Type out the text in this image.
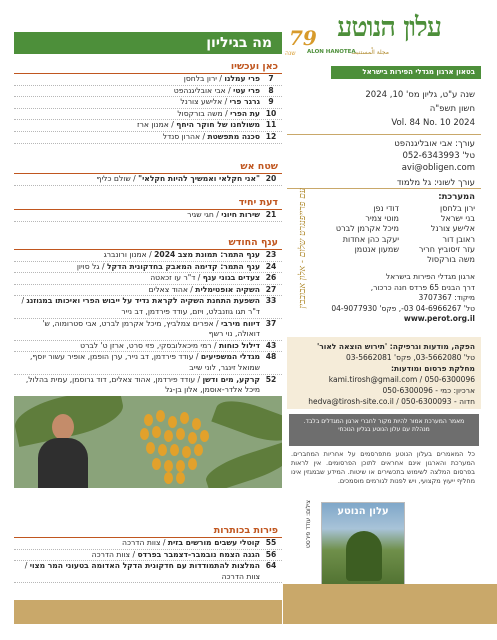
עלון הנוטע
مجلة الْمستنبت
ALON HANOTEA
79
שנה
בטאון ארגון מגדלי הפירות בישראל
שנה ע"ט, גליון מס' 10, 2024
חשון תשפ"ה
Vol. 84 No. 10 2024
עורך: אבי אובליגנהפט
טל' 052-6343993
avi@obligen.com
עורך לשוני: גל מלמוד
המערכת:
ירון בלחסן
דודי נפן
בני ישראל
מוטי צמיר
אלישע צורנל
מיכל אקרמן לברט
ראובן דור
יעקב כהן אחדות
עזר זיסוביץ חריר
שמעון אנטמן
משה בורקסול
עם פרייפנגרט שלום - אלון אבובבין	ארגון מגדלי הפירות בישראל
דרך הבנים 65 פרדס חנה כרכור,
מיקוד: 3707367
טל' 04-6966267 03-, פקס' 04-9077930
www.perot.org.il
הפקה, מודעות וגרפיקה: 'תירוש הוצאה לאור'
טל' 03-5662080, פקס' 03-5662081
מחלקת פרסום ומודעות:
kami.tirosh@gmail.com / 050-6300096
ארכיון: כמי - 050-6300096
hedva@tirosh-site.co.il / 050-6300093 - חדוה
מאמר המערכת אמור להיות מקור לחברי ארגון המגדלים בלבד. מנהלת עם עלון הנוטע בגליון הנוכחי
כל המאמרים בעלון הנוטע מתפרסמים על אחריות המחברים. המערכת והארגון אינם אחראים לתוכן הפרסומים. אין לראות בפרסום המלצה לשימוש בתכשירים או שיטות. המידע שבמגזין אינו מחליף ייעוץ מקצועי, ויש לפנות לגורמים מוסמכים.
עלון הנוטע
צילום: עודד פירסט
מה בגיליון
כאן ועכשיו
7
פרי עמלנו / ירון בלחסן
8
פרי עטי / אבי אובליגנהפט
9
גרגר פרי / אלישע צורנל
10
עת הפרי / משה בורקסול
11
משולחנו של חוקר היחף / אמנון ארז
12
סכנה מתפשטת / אהרון סנדל
שטח אש
20
"אני חקלאי ואמשיך להיות חקלאי" / שולם כליף
דעת יחיד
21
שירות חיוני / חגי שגיר
ענף החודש
23
ענף התמר: תמונת מצב 2024 / אמנון ורונברג
24
ענף התמר: קדימה המאבק בחדקונית הדקל / גל סויון
26
צעדים בגוני ענף / ד"ר עו זכאטה
27
השקיה אופטימלית / אהוד צאלים
33
השפעת התחנת השקיה לקראת נדיד על ייבוש הפרי ואיכותו במגוזנג / ד"ר תגו גוזנבלט, ויזם, עודד פירדמן, דב נייר
37
דיווח מירבי / אפרים צמלביץ, מיכל אקרמן לברט, אבי סטרומוה, ש' דואולה, נוי רשף
43
דילול כוחות / רמי מיכאלובסקי, פזי סרט, ארזן ט' לברט
48
מגדלי המשפיעים / עודד פירדמן, דב נייר, ערן הופמן, אופיר עשור יוסף, שמואל זינגר, לוני שייב
52
קרקע, מים ודשן / עודד פירדמן, אהוד צאלים, דוד גרוסמן, עמית בהלול, מיכל אלדר-אוסמן, אלון בן-גל
פירות בכותרות
55
קוטלי עשבים מורשים בזית / צוות הדרכה
56
הגנה הצמח נובמבר-דצמבר בפרדס / צוות הדרכה
64
המלצות להתמודדות עם חדקונית הדקל האדומה בטעוני המר מצוי / צוות הדרכה
